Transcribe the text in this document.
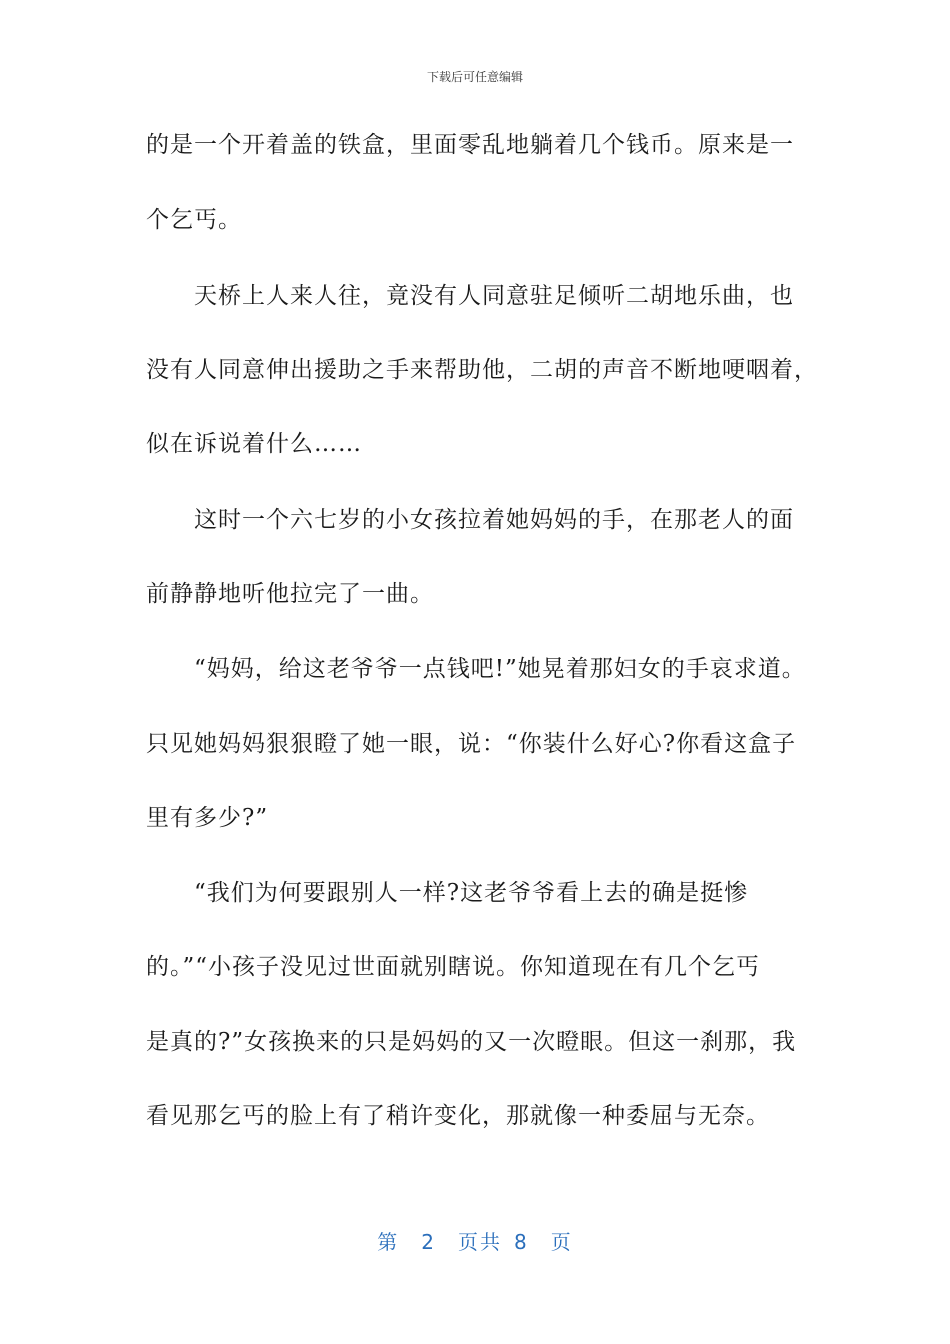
下载后可任意编辑
的是一个开着盖的铁盒，里面零乱地躺着几个钱币。原来是一
个乞丐。
天桥上人来人往，竟没有人同意驻足倾听二胡地乐曲，也
没有人同意伸出援助之手来帮助他，二胡的声音不断地哽咽着，
似在诉说着什么……
这时一个六七岁的小女孩拉着她妈妈的手，在那老人的面
前静静地听他拉完了一曲。
“妈妈，给这老爷爷一点钱吧!”她晃着那妇女的手哀求道。
只见她妈妈狠狠瞪了她一眼，说：“你装什么好心?你看这盒子
里有多少?”
“我们为何要跟别人一样?这老爷爷看上去的确是挺惨
的。”“小孩子没见过世面就别瞎说。你知道现在有几个乞丐
是真的?”女孩换来的只是妈妈的又一次瞪眼。但这一刹那，我
看见那乞丐的脸上有了稍许变化，那就像一种委屈与无奈。
第 2 页共 8 页
